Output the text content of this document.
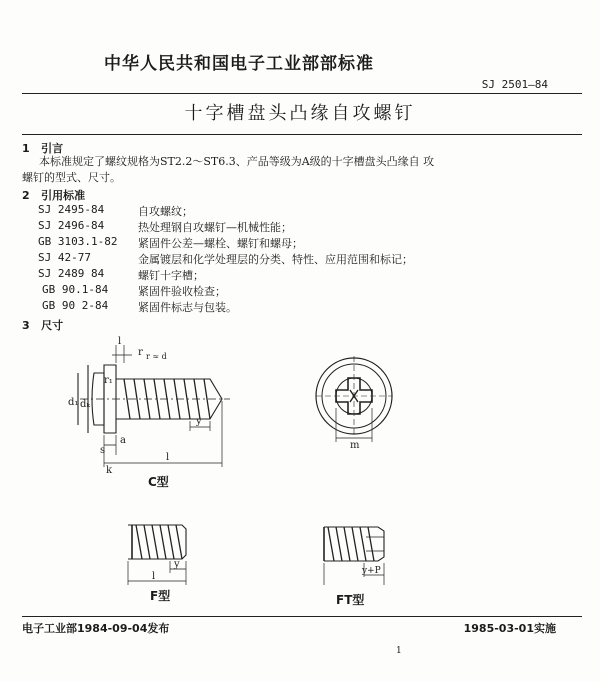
中华人民共和国电子工业部部标准
SJ 2501—84
十字槽盘头凸缘自攻螺钉
1 引言
本标准规定了螺纹规格为ST2.2～ST6.3、产品等级为A级的十字槽盘头凸缘自 攻
螺钉的型式、尺寸。
2 引用标准
SJ 2495-84	自攻螺纹；
SJ 2496-84	热处理钢自攻螺钉—机械性能；
GB 3103.1-82 紧固件公差—螺栓、螺钉和螺母；
SJ 42-77	金属镀层和化学处理层的分类、特性、应用范围和标记；
SJ 2489 84	螺钉十字槽；
GB 90.1-84	紧固件验收检查；
GB 90 2-84	紧固件标志与包装。
3 尺寸
l
r r ≈ d
d₁ dₖ
r₁
a
s
y
k
l
C型
m
y
l
F型
y+P
FT型
电子工业部1984-09-04发布	1985-03-01实施
1
